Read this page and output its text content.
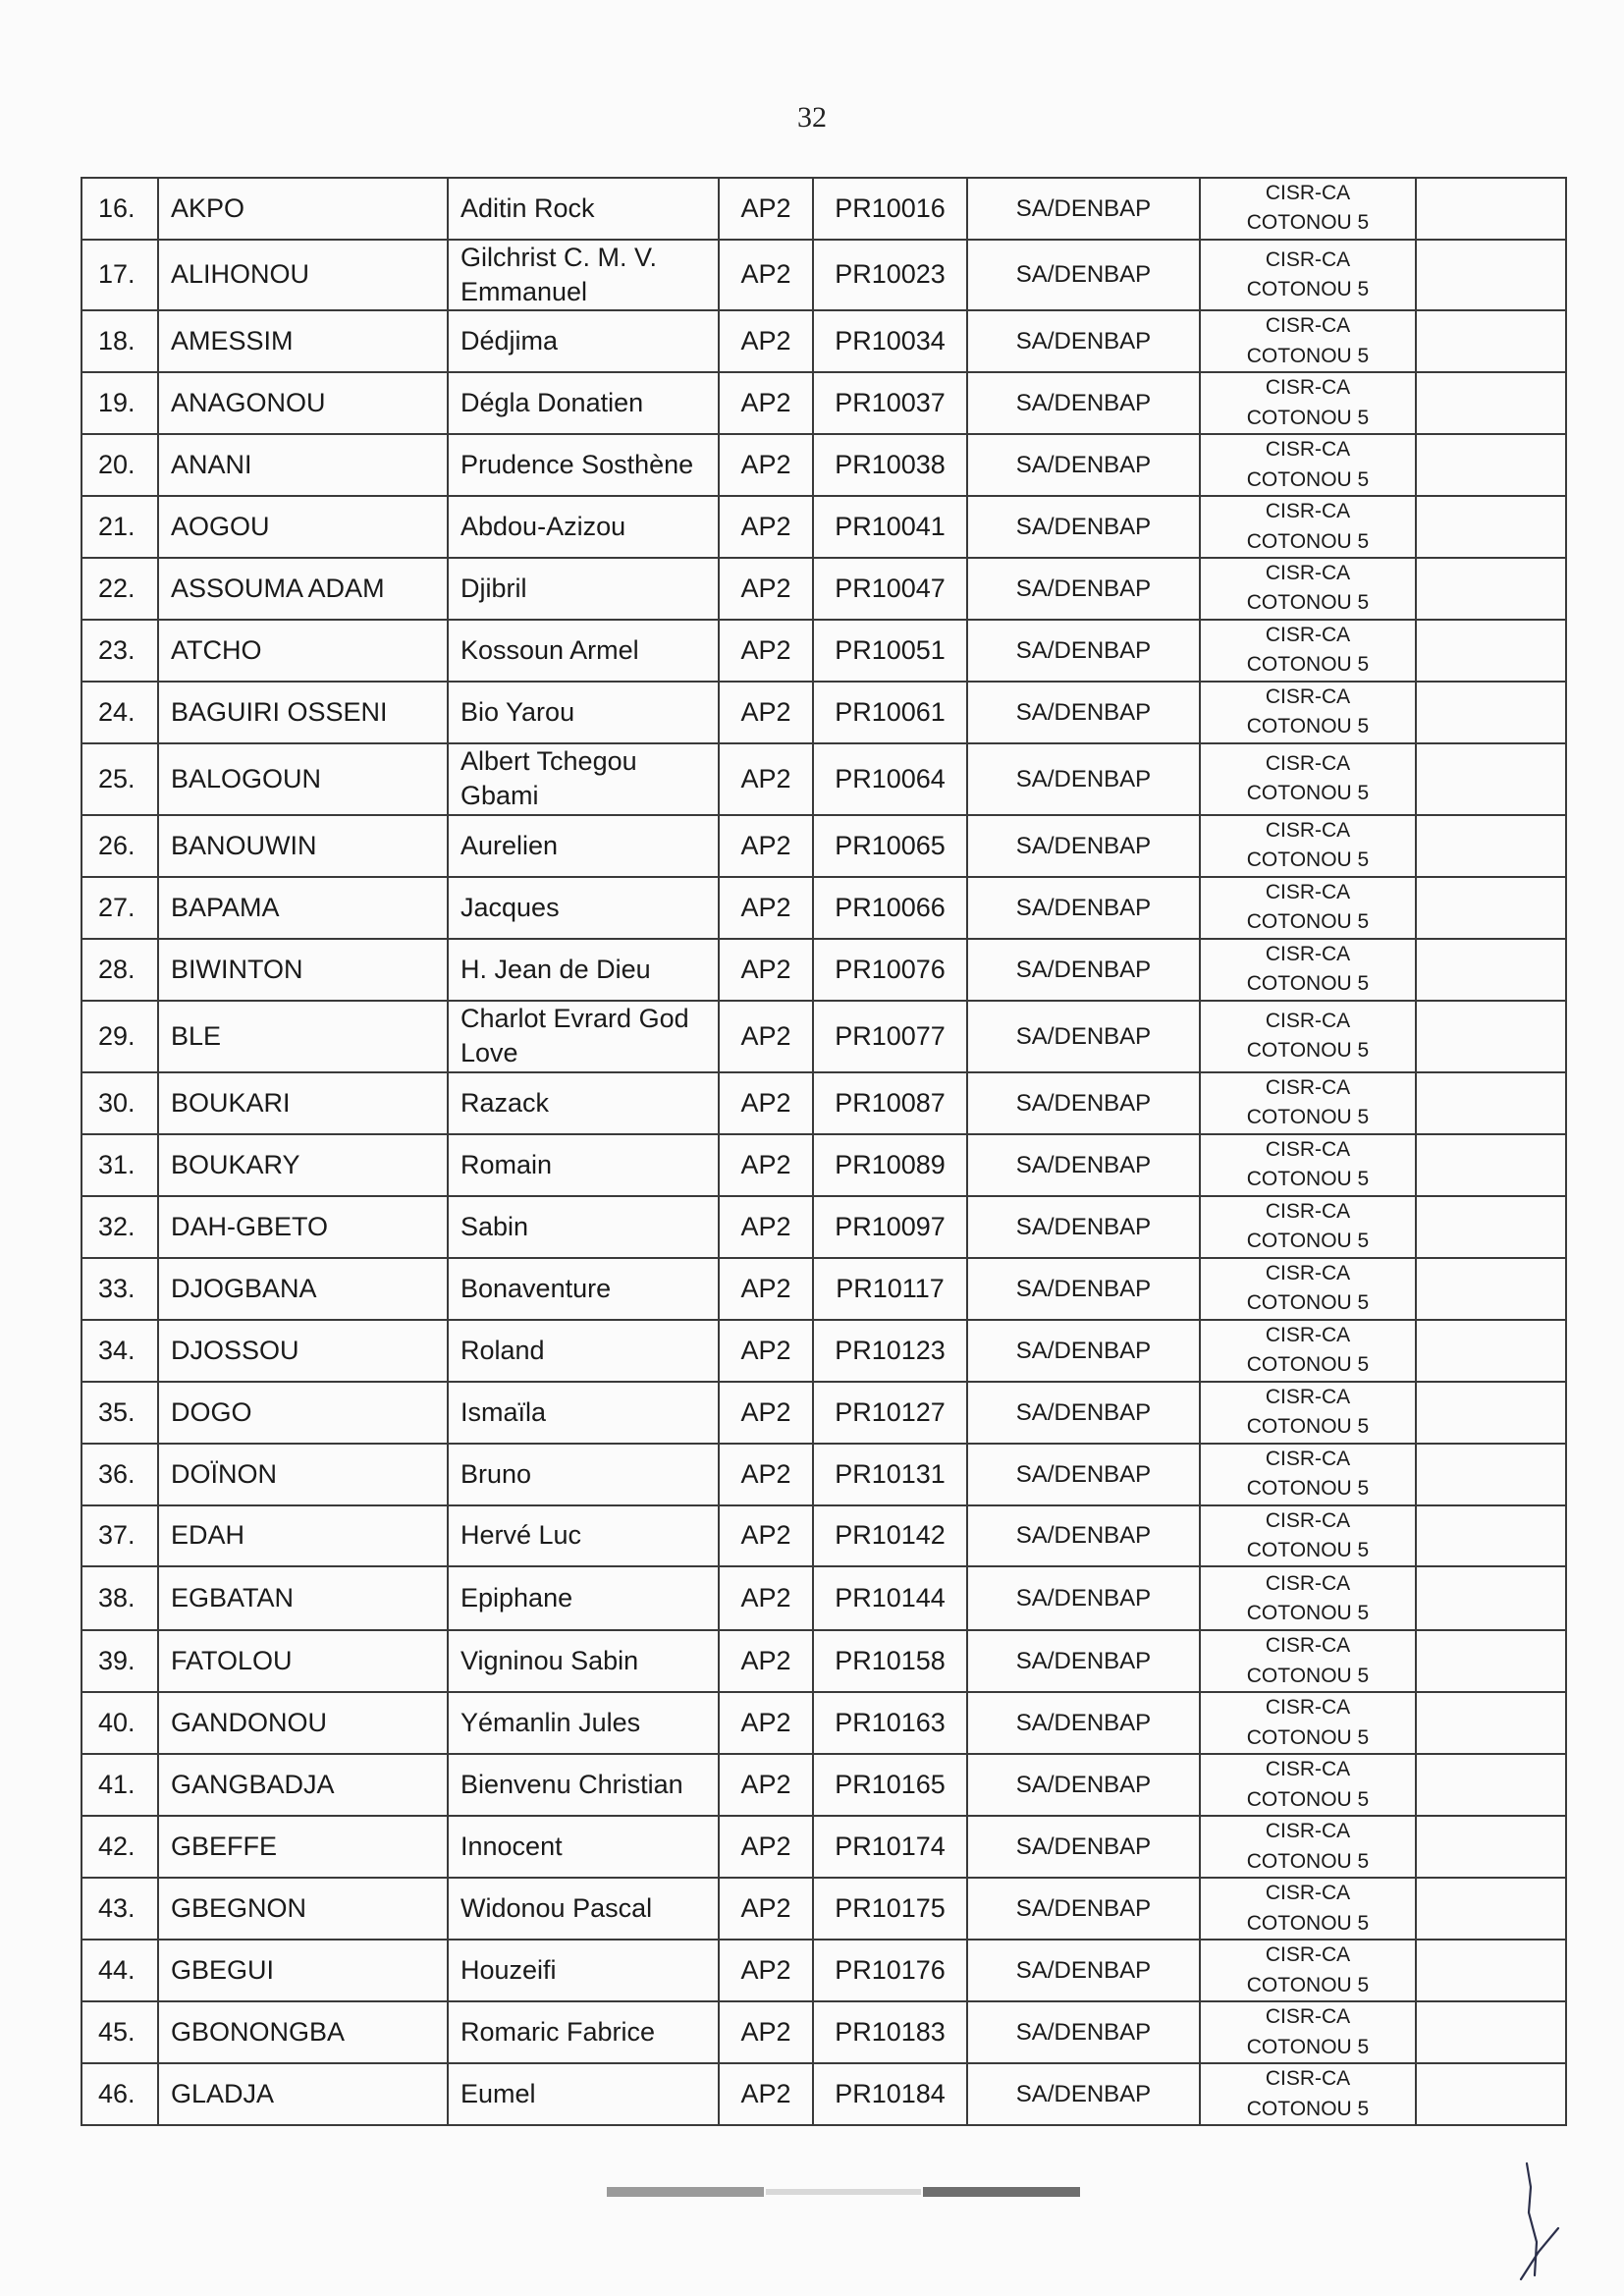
32
16.	AKPO	Aditin Rock	AP2	PR10016	SA/DENBAP	CISR-CA
COTONOU 5	

17.	ALIHONOU	Gilchrist C. M. V. Emmanuel	AP2	PR10023	SA/DENBAP	CISR-CA
COTONOU 5	

18.	AMESSIM	Dédjima	AP2	PR10034	SA/DENBAP	CISR-CA
COTONOU 5	

19.	ANAGONOU	Dégla Donatien	AP2	PR10037	SA/DENBAP	CISR-CA
COTONOU 5	

20.	ANANI	Prudence Sosthène	AP2	PR10038	SA/DENBAP	CISR-CA
COTONOU 5	

21.	AOGOU	Abdou-Azizou	AP2	PR10041	SA/DENBAP	CISR-CA
COTONOU 5	

22.	ASSOUMA ADAM	Djibril	AP2	PR10047	SA/DENBAP	CISR-CA
COTONOU 5	

23.	ATCHO	Kossoun Armel	AP2	PR10051	SA/DENBAP	CISR-CA
COTONOU 5	

24.	BAGUIRI OSSENI	Bio Yarou	AP2	PR10061	SA/DENBAP	CISR-CA
COTONOU 5	

25.	BALOGOUN	Albert Tchegou Gbami	AP2	PR10064	SA/DENBAP	CISR-CA
COTONOU 5	

26.	BANOUWIN	Aurelien	AP2	PR10065	SA/DENBAP	CISR-CA
COTONOU 5	

27.	BAPAMA	Jacques	AP2	PR10066	SA/DENBAP	CISR-CA
COTONOU 5	

28.	BIWINTON	H. Jean de Dieu	AP2	PR10076	SA/DENBAP	CISR-CA
COTONOU 5	

29.	BLE	Charlot Evrard God Love	AP2	PR10077	SA/DENBAP	CISR-CA
COTONOU 5	

30.	BOUKARI	Razack	AP2	PR10087	SA/DENBAP	CISR-CA
COTONOU 5	

31.	BOUKARY	Romain	AP2	PR10089	SA/DENBAP	CISR-CA
COTONOU 5	

32.	DAH-GBETO	Sabin	AP2	PR10097	SA/DENBAP	CISR-CA
COTONOU 5	

33.	DJOGBANA	Bonaventure	AP2	PR10117	SA/DENBAP	CISR-CA
COTONOU 5	

34.	DJOSSOU	Roland	AP2	PR10123	SA/DENBAP	CISR-CA
COTONOU 5	

35.	DOGO	Ismaïla	AP2	PR10127	SA/DENBAP	CISR-CA
COTONOU 5	

36.	DOÏNON	Bruno	AP2	PR10131	SA/DENBAP	CISR-CA
COTONOU 5	

37.	EDAH	Hervé Luc	AP2	PR10142	SA/DENBAP	CISR-CA
COTONOU 5	

38.	EGBATAN	Epiphane	AP2	PR10144	SA/DENBAP	CISR-CA
COTONOU 5	

39.	FATOLOU	Vigninou Sabin	AP2	PR10158	SA/DENBAP	CISR-CA
COTONOU 5	

40.	GANDONOU	Yémanlin Jules	AP2	PR10163	SA/DENBAP	CISR-CA
COTONOU 5	

41.	GANGBADJA	Bienvenu Christian	AP2	PR10165	SA/DENBAP	CISR-CA
COTONOU 5	

42.	GBEFFE	Innocent	AP2	PR10174	SA/DENBAP	CISR-CA
COTONOU 5	

43.	GBEGNON	Widonou Pascal	AP2	PR10175	SA/DENBAP	CISR-CA
COTONOU 5	

44.	GBEGUI	Houzeifi	AP2	PR10176	SA/DENBAP	CISR-CA
COTONOU 5	

45.	GBONONGBA	Romaric Fabrice	AP2	PR10183	SA/DENBAP	CISR-CA
COTONOU 5	

46.	GLADJA	Eumel	AP2	PR10184	SA/DENBAP	CISR-CA
COTONOU 5	
